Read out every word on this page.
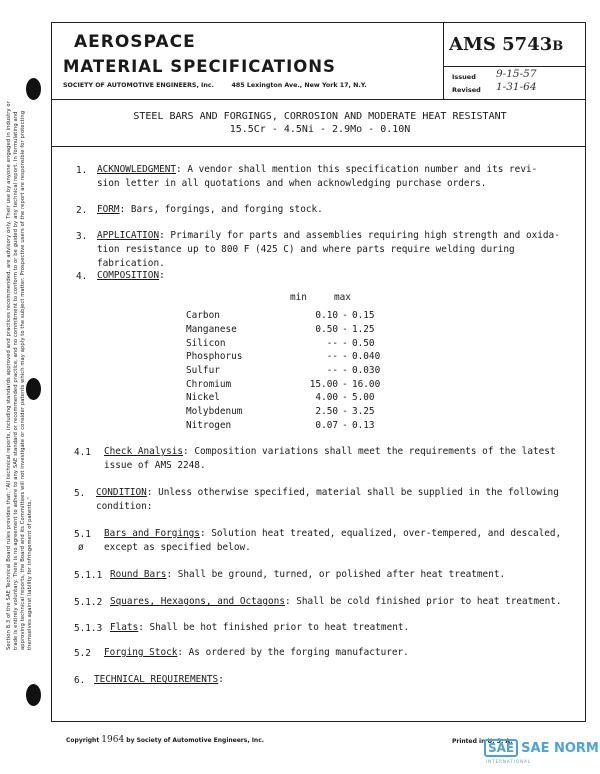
Section 8.3 of the SAE Technical Board rules provides that: "All technical reports, including standards approved and practices recommended, are advisory only. Their use by anyone engaged in industry or trade is entirely voluntary. There is no agreement to adhere to any SAE standard or recommended practice, and no commitment to conform to or be guided by any technical report. In formulating and approving technical reports, the Board and its Committees will not investigate or consider patents which may apply to the subject matter. Prospective users of the report are responsible for protecting themselves against liability for infringement of patents."
AEROSPACE
MATERIAL SPECIFICATIONS
SOCIETY OF AUTOMOTIVE ENGINEERS, Inc.	485 Lexington Ave., New York 17, N.Y.
AMS 5743B
Issued 9-15-57
Revised 1-31-64
STEEL BARS AND FORGINGS, CORROSION AND MODERATE HEAT RESISTANT
15.5Cr - 4.5Ni - 2.9Mo - 0.10N
1. ACKNOWLEDGMENT: A vendor shall mention this specification number and its revi-
sion letter in all quotations and when acknowledging purchase orders.
2. FORM: Bars, forgings, and forging stock.
3. APPLICATION: Primarily for parts and assemblies requiring high strength and oxida-
tion resistance up to 800 F (425 C) and where parts require welding during fabrication.
4. COMPOSITION:
min	max
Carbon	0.10	-	0.15
Manganese	0.50	-	1.25
Silicon	--	-	0.50
Phosphorus	--	-	0.040
Sulfur	--	-	0.030
Chromium	15.00	-	16.00
Nickel	4.00	-	5.00
Molybdenum	2.50	-	3.25
Nitrogen	0.07	-	0.13
4.1 Check Analysis: Composition variations shall meet the requirements of the latest
issue of AMS 2248.
5. CONDITION: Unless otherwise specified, material shall be supplied in the following
condition:
5.1
ø
Bars and Forgings: Solution heat treated, equalized, over-tempered, and descaled,
except as specified below.
5.1.1 Round Bars: Shall be ground, turned, or polished after heat treatment.
5.1.2 Squares, Hexagons, and Octagons: Shall be cold finished prior to heat treatment.
5.1.3 Flats: Shall be hot finished prior to heat treatment.
5.2 Forging Stock: As ordered by the forging manufacturer.
6. TECHNICAL REQUIREMENTS:
Copyright 1964 by Society of Automotive Engineers, Inc.	Printed in U. S. A.
SAE SAE NORM
INTERNATIONAL
